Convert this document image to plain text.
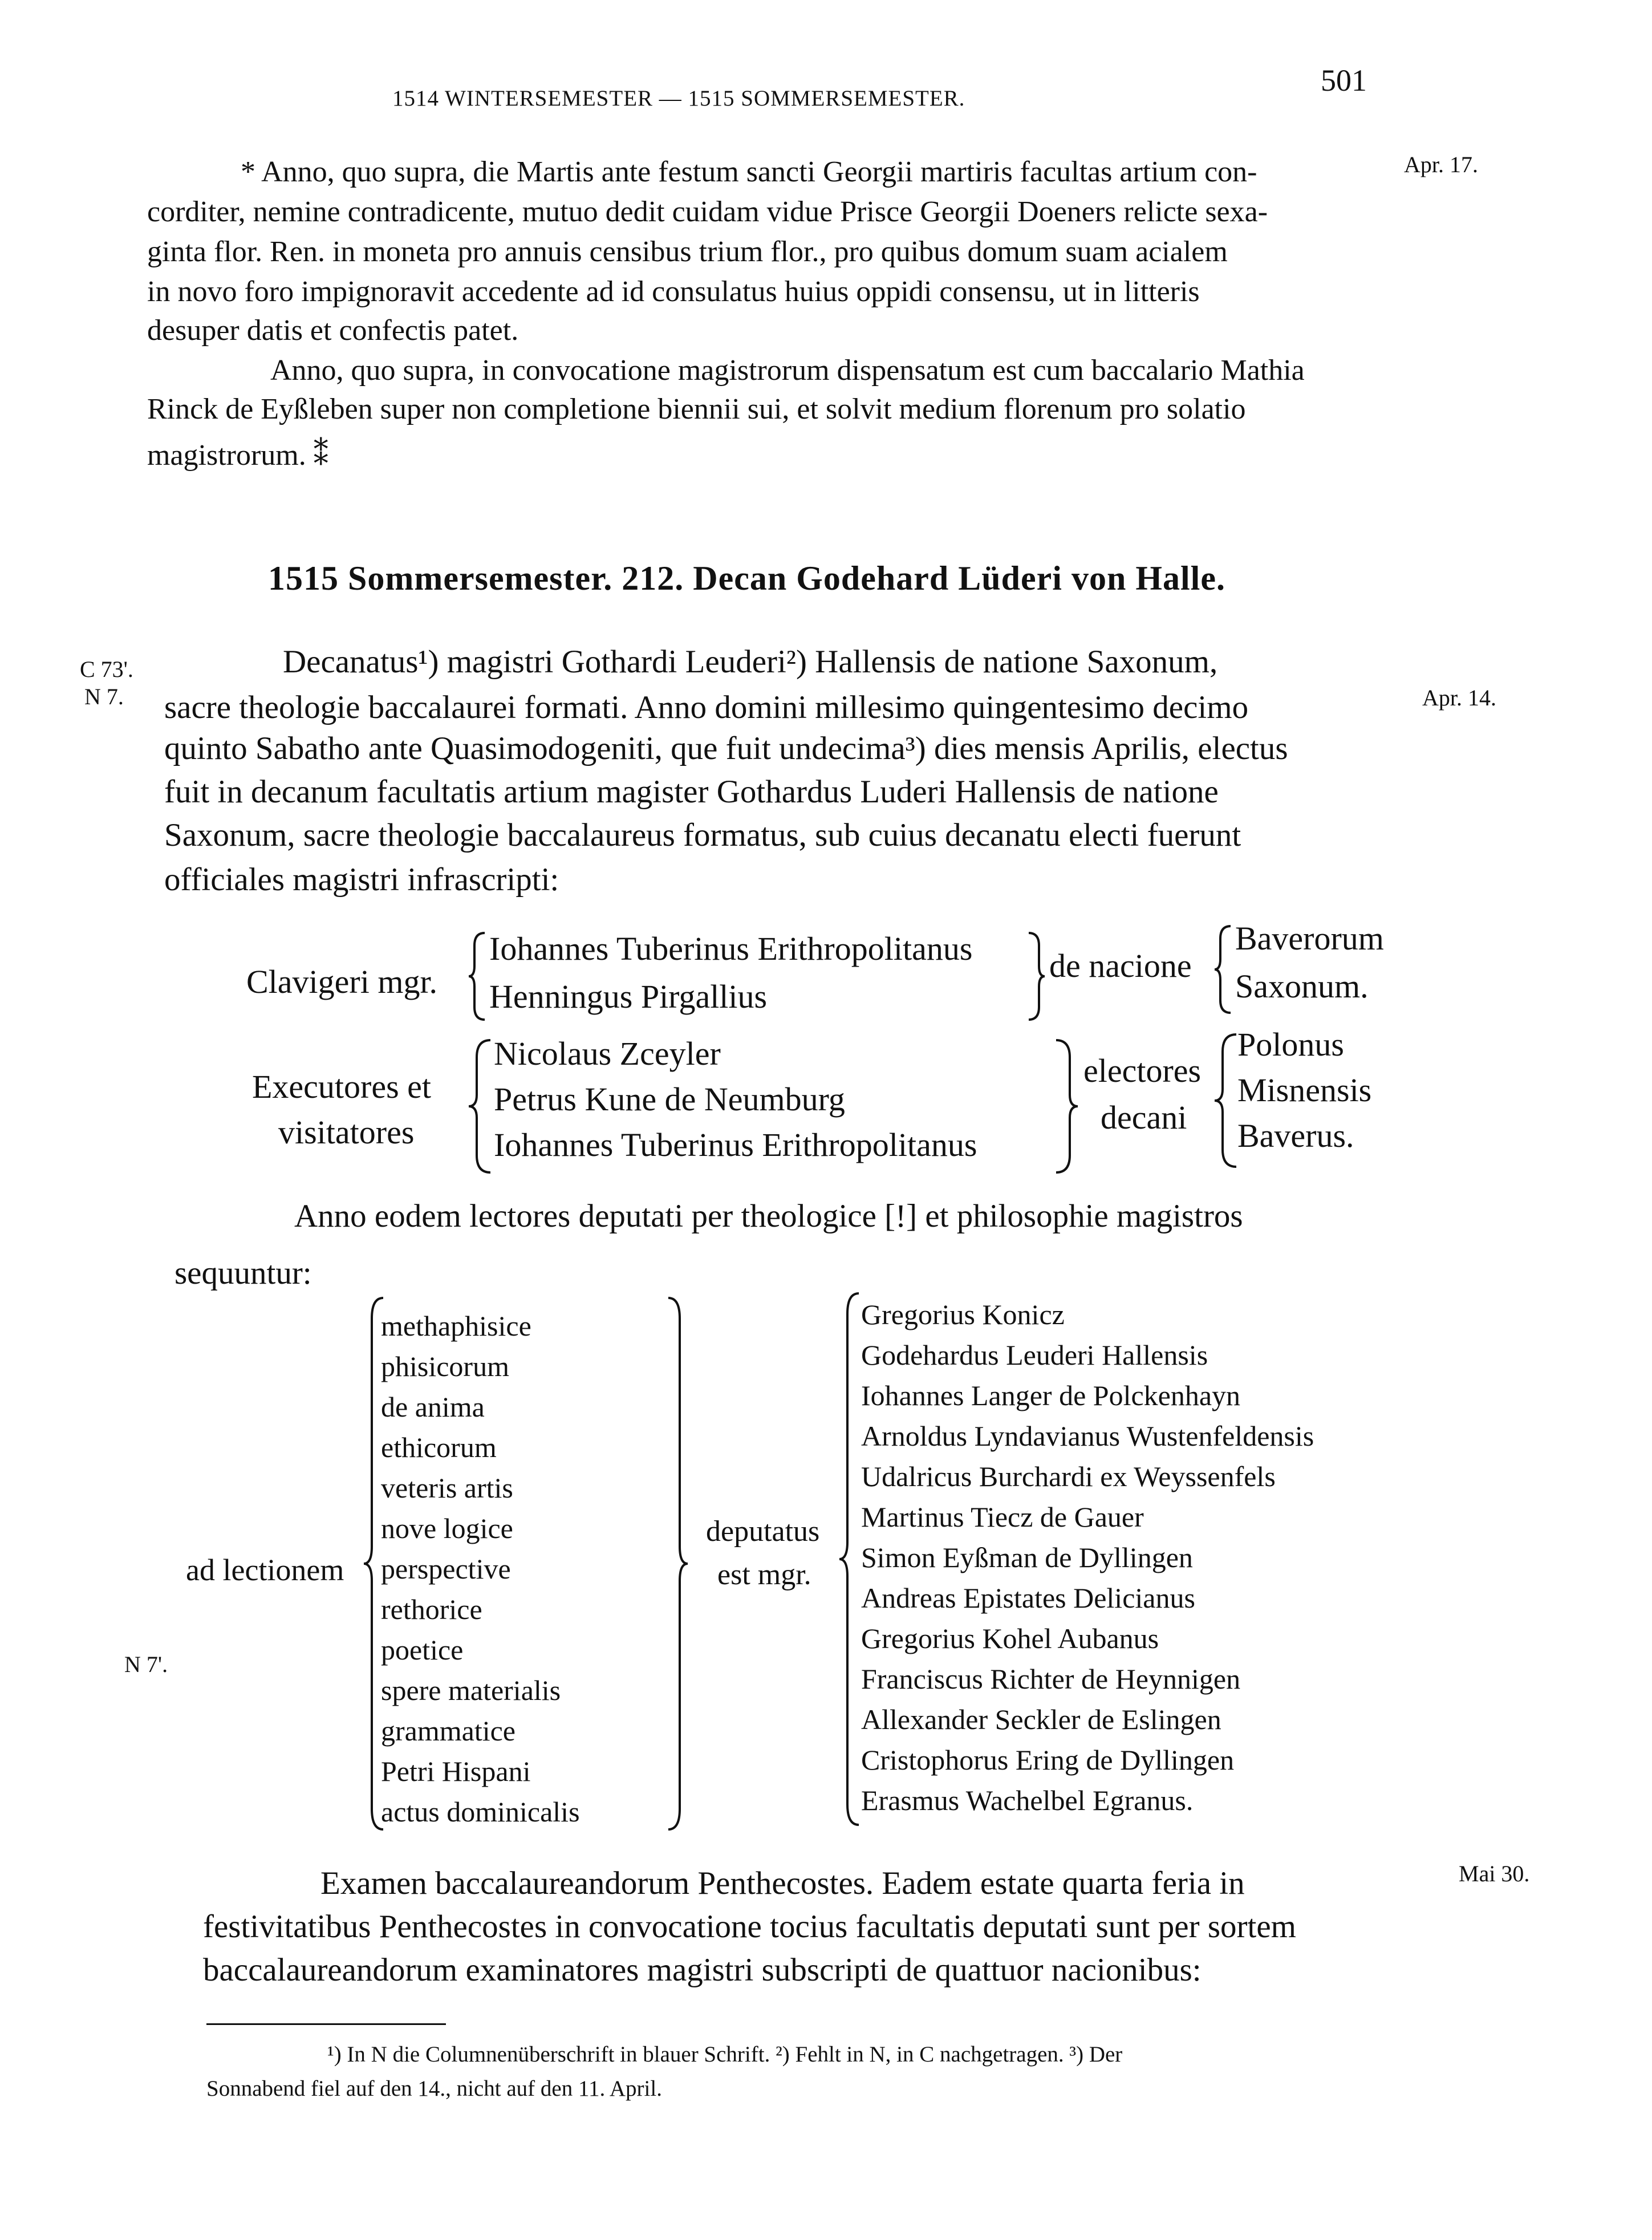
1514 WINTERSEMESTER — 1515 SOMMERSEMESTER.
501
* Anno, quo supra, die Martis ante festum sancti Georgii martiris facultas artium con-	Apr. 17.
corditer, nemine contradicente, mutuo dedit cuidam vidue Prisce Georgii Doeners relicte sexa-
ginta flor. Ren. in moneta pro annuis censibus trium flor., pro quibus domum suam acialem
in novo foro impignoravit accedente ad id consulatus huius oppidi consensu, ut in litteris
desuper datis et confectis patet.
Anno, quo supra, in convocatione magistrorum dispensatum est cum baccalario Mathia
Rinck de Eyßleben super non completione biennii sui, et solvit medium florenum pro solatio
magistrorum. ⁑
1515 Sommersemester. 212. Decan Godehard Lüderi von Halle.
C 73'.
N 7.
N 7'.
Decanatus¹) magistri Gothardi Leuderi²) Hallensis de natione Saxonum,
sacre theologie baccalaurei formati. Anno domini millesimo quingentesimo decimo	Apr. 14.
quinto Sabatho ante Quasimodogeniti, que fuit undecima³) dies mensis Aprilis, electus
fuit in decanum facultatis artium magister Gothardus Luderi Hallensis de natione
Saxonum, sacre theologie baccalaureus formatus, sub cuius decanatu electi fuerunt
officiales magistri infrascripti:
Clavigeri mgr.
Iohannes Tuberinus Erithropolitanus
Henningus Pirgallius
de nacione
Baverorum
Saxonum.
Executores et
visitatores
Nicolaus Zceyler
Petrus Kune de Neumburg
Iohannes Tuberinus Erithropolitanus
electores
decani
Polonus
Misnensis
Baverus.
Anno eodem lectores deputati per theologice [!] et philosophie magistros
sequuntur:
ad lectionem
methaphisice
phisicorum
de anima
ethicorum
veteris artis
nove logice
perspective
rethorice
poetice
spere materialis
grammatice
Petri Hispani
actus dominicalis
deputatus
est mgr.
Gregorius Konicz
Godehardus Leuderi Hallensis
Iohannes Langer de Polckenhayn
Arnoldus Lyndavianus Wustenfeldensis
Udalricus Burchardi ex Weyssenfels
Martinus Tiecz de Gauer
Simon Eyßman de Dyllingen
Andreas Epistates Delicianus
Gregorius Kohel Aubanus
Franciscus Richter de Heynnigen
Allexander Seckler de Eslingen
Cristophorus Ering de Dyllingen
Erasmus Wachelbel Egranus.
Examen baccalaureandorum Penthecostes. Eadem estate quarta feria in	Mai 30.
festivitatibus Penthecostes in convocatione tocius facultatis deputati sunt per sortem
baccalaureandorum examinatores magistri subscripti de quattuor nacionibus:
¹) In N die Columnenüberschrift in blauer Schrift. ²) Fehlt in N, in C nachgetragen. ³) Der
Sonnabend fiel auf den 14., nicht auf den 11. April.
